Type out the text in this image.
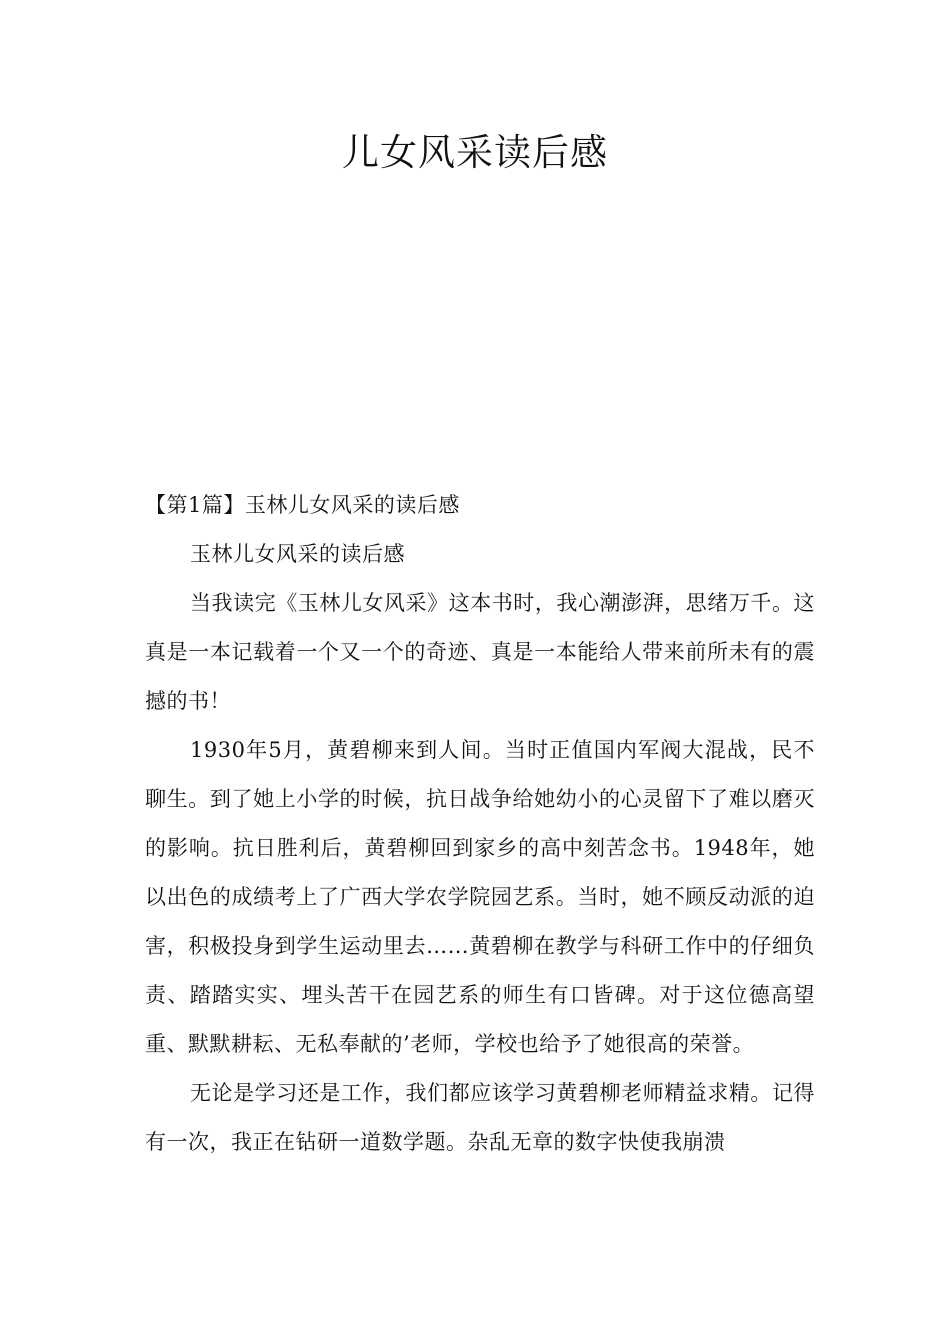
儿女风采读后感

【第1篇】玉林儿女风采的读后感

玉林儿女风采的读后感

当我读完《玉林儿女风采》这本书时，我心潮澎湃，思绪万千。这真是一本记载着一个又一个的奇迹、真是一本能给人带来前所未有的震撼的书！

1930年5月，黄碧柳来到人间。当时正值国内军阀大混战，民不聊生。到了她上小学的时候，抗日战争给她幼小的心灵留下了难以磨灭的影响。抗日胜利后，黄碧柳回到家乡的高中刻苦念书。1948年，她以出色的成绩考上了广西大学农学院园艺系。当时，她不顾反动派的迫害，积极投身到学生运动里去……黄碧柳在教学与科研工作中的仔细负责、踏踏实实、埋头苦干在园艺系的师生有口皆碑。对于这位德高望重、默默耕耘、无私奉献的’老师，学校也给予了她很高的荣誉。

无论是学习还是工作，我们都应该学习黄碧柳老师精益求精。记得有一次，我正在钻研一道数学题。杂乱无章的数字快使我崩溃
